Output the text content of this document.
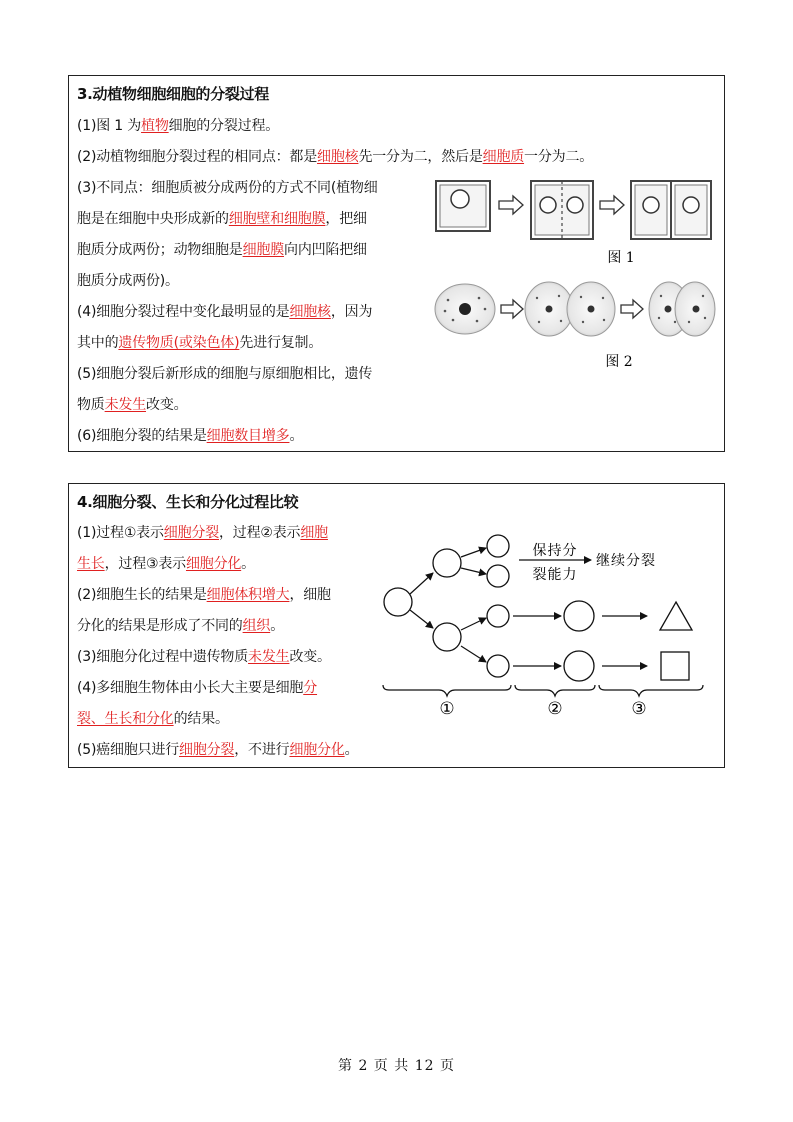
3.动植物细胞细胞的分裂过程
(1)图 1 为植物细胞的分裂过程。
(2)动植物细胞分裂过程的相同点：都是细胞核先一分为二，然后是细胞质一分为二。
(3)不同点：细胞质被分成两份的方式不同(植物细
胞是在细胞中央形成新的细胞壁和细胞膜，把细
胞质分成两份；动物细胞是细胞膜向内凹陷把细
胞质分成两份)。
(4)细胞分裂过程中变化最明显的是细胞核，因为
其中的遗传物质(或染色体)先进行复制。
(5)细胞分裂后新形成的细胞与原细胞相比，遗传
物质未发生改变。
(6)细胞分裂的结果是细胞数目增多。
图 1
图 2
4.细胞分裂、生长和分化过程比较
(1)过程①表示细胞分裂，过程②表示细胞
生长，过程③表示细胞分化。
(2)细胞生长的结果是细胞体积增大，细胞
分化的结果是形成了不同的组织。
(3)细胞分化过程中遗传物质未发生改变。
(4)多细胞生物体由小长大主要是细胞分
裂、生长和分化的结果。
(5)癌细胞只进行细胞分裂，不进行细胞分化。
保持分
裂能力
继续分裂
①	②	③
第 2 页 共 12 页
